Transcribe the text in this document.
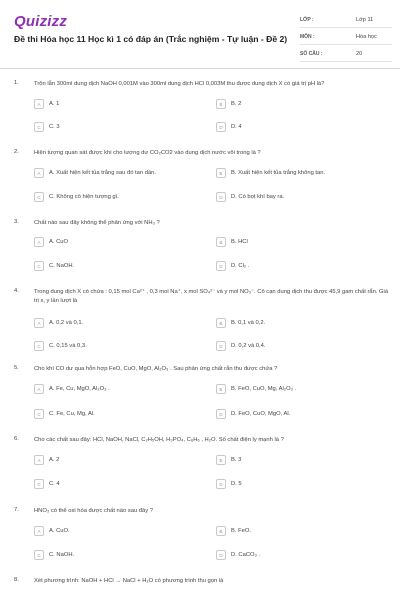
Quizizz
Đề thi Hóa học 11 Học kì 1 có đáp án (Trắc nghiệm - Tự luận - Đề 2)
LỚP :	Lớp 11
MÔN :	Hóa học
SỐ CÂU :	20
1.	Trộn lẫn 300ml dung dịch NaOH 0,001M vào 300ml dung dịch HCl 0,003M thu được dung dịch X có giá trị pH là?
A	A. 1	B	B. 2
C	C. 3	D	D. 4
2.	Hiện tượng quan sát được khi cho lượng dư CO₂CO2 vào dung dịch nước vôi trong là ?
A	A. Xuất hiện kết tủa trắng sau đó tan dần.	B	B. Xuất hiện kết tủa trắng không tan.
C	C. Không có hiện tượng gì.	D	D. Có bọt khí bay ra.
3.	Chất nào sau đây không thể phản ứng với NH₃ ?
A	A. CuO	B	B. HCl
C	C. NaOH.	D	D. Cl₂ .
4.	Trong dung dịch X có chứa : 0,15 mol Ca²⁺ , 0,3 mol Na⁺, x mol SO₄²⁻ và y mol NO₃⁻. Cô cạn dung dịch thu được 45,9 gam chất rắn. Giá trị x, y lần lượt là
A	A. 0,2 và 0,1.	B	B. 0,1 và 0,2.
C	C. 0,15 và 0,3.	D	D. 0,2 và 0,4.
5.	Cho khí CO dư qua hỗn hợp FeO, CuO, MgO, Al₂O₃ . Sau phản ứng chất rắn thu được chứa ?
A	A. Fe, Cu, MgO, Al₂O₃ .	B	B. FeO, CuO, Mg, Al₂O₃ .
C	C. Fe, Cu, Mg, Al.	D	D. FeO, CuO, MgO, Al.
6.	Cho các chất sau đây: HCl, NaOH, NaCl, C₂H₅OH, H₃PO₄, C₆H₆ , H₂O. Số chất điện ly mạnh là ?
A	A. 2	B	B. 3
C	C. 4	D	D. 5
7.	HNO₃ có thể oxi hóa được chất nào sau đây ?
A	A. CuO.	B	B. FeO.
C	C. NaOH.	D	D. CaCO₃ .
8.	Xét phương trình: NaOH + HCl → NaCl + H₂O có phương trình thu gọn là
